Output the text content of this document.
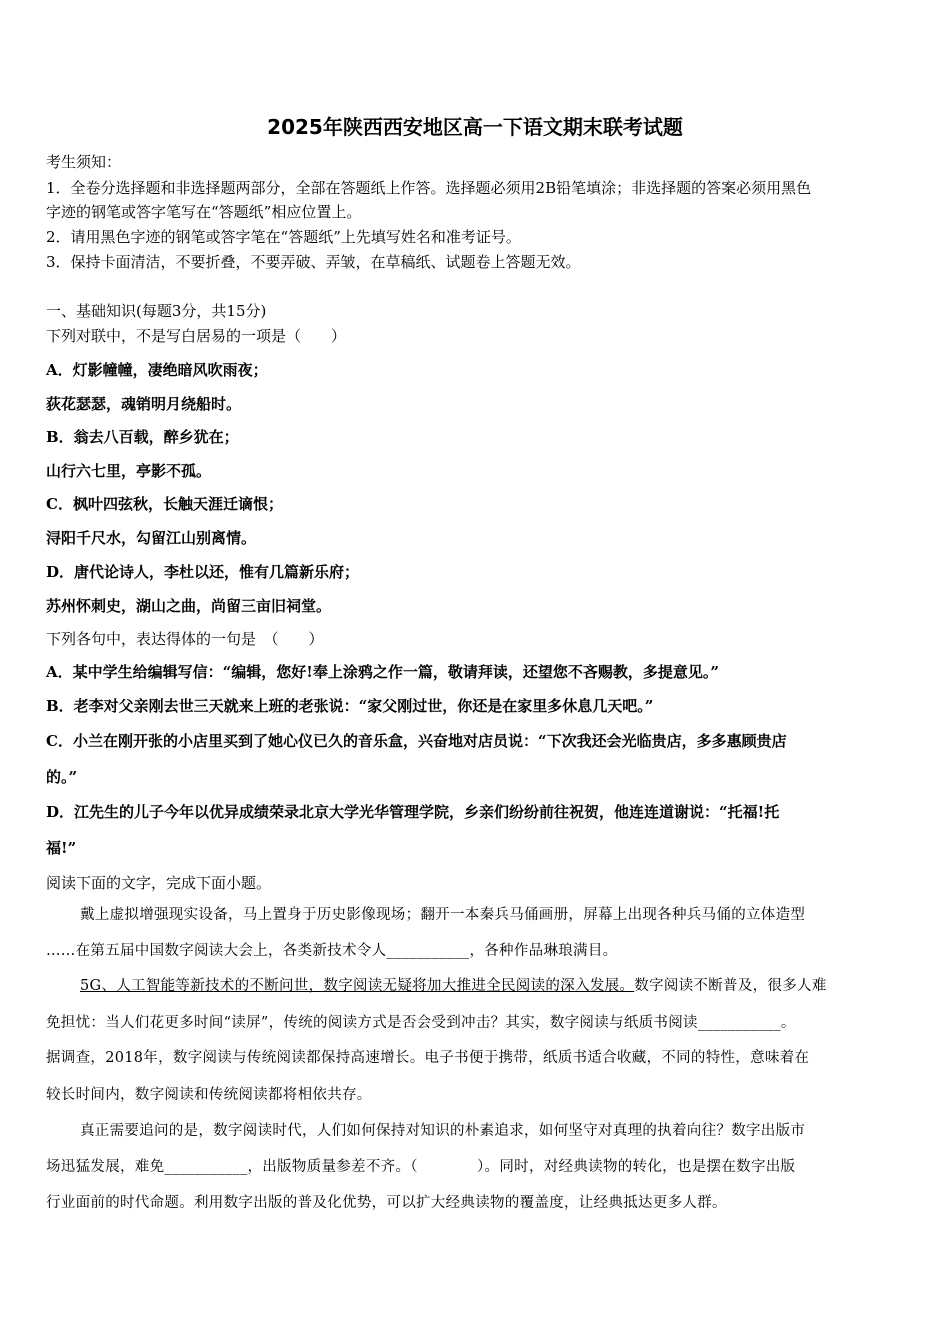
2025年陕西西安地区高一下语文期末联考试题
考生须知：
1．全卷分选择题和非选择题两部分，全部在答题纸上作答。选择题必须用2B铅笔填涂；非选择题的答案必须用黑色
字迹的钢笔或答字笔写在“答题纸”相应位置上。
2．请用黑色字迹的钢笔或答字笔在“答题纸”上先填写姓名和准考证号。
3．保持卡面清洁，不要折叠，不要弄破、弄皱，在草稿纸、试题卷上答题无效。
一、基础知识(每题3分，共15分)
下列对联中，不是写白居易的一项是（　　）
A．灯影幢幢，凄绝暗风吹雨夜；
荻花瑟瑟，魂销明月绕船时。
B．翁去八百载，醉乡犹在；
山行六七里，亭影不孤。
C．枫叶四弦秋，长触天涯迁谪恨；
浔阳千尺水，勾留江山别离情。
D．唐代论诗人，李杜以还，惟有几篇新乐府；
苏州怀刺史，湖山之曲，尚留三亩旧祠堂。
下列各句中，表达得体的一句是　（　　）
A．某中学生给编辑写信：“编辑，您好!奉上涂鸦之作一篇，敬请拜读，还望您不吝赐教，多提意见。”
B．老李对父亲刚去世三天就来上班的老张说：“家父刚过世，你还是在家里多休息几天吧。”
C．小兰在刚开张的小店里买到了她心仪已久的音乐盒，兴奋地对店员说：“下次我还会光临贵店，多多惠顾贵店
的。”
D．江先生的儿子今年以优异成绩荣录北京大学光华管理学院，乡亲们纷纷前往祝贺，他连连道谢说：“托福!托
福!”
阅读下面的文字，完成下面小题。
戴上虚拟增强现实设备，马上置身于历史影像现场；翻开一本秦兵马俑画册，屏幕上出现各种兵马俑的立体造型
……在第五届中国数字阅读大会上，各类新技术令人___________，各种作品琳琅满目。
5G、人工智能等新技术的不断问世，数字阅读无疑将加大推进全民阅读的深入发展。数字阅读不断普及，很多人难
免担忧：当人们花更多时间“读屏”，传统的阅读方式是否会受到冲击？其实，数字阅读与纸质书阅读___________。
据调查，2018年，数字阅读与传统阅读都保持高速增长。电子书便于携带，纸质书适合收藏，不同的特性，意味着在
较长时间内，数字阅读和传统阅读都将相依共存。
真正需要追问的是，数字阅读时代，人们如何保持对知识的朴素追求，如何坚守对真理的执着向往？数字出版市
场迅猛发展，难免___________，出版物质量参差不齐。（　　　　）。同时，对经典读物的转化，也是摆在数字出版
行业面前的时代命题。利用数字出版的普及化优势，可以扩大经典读物的覆盖度，让经典抵达更多人群。
